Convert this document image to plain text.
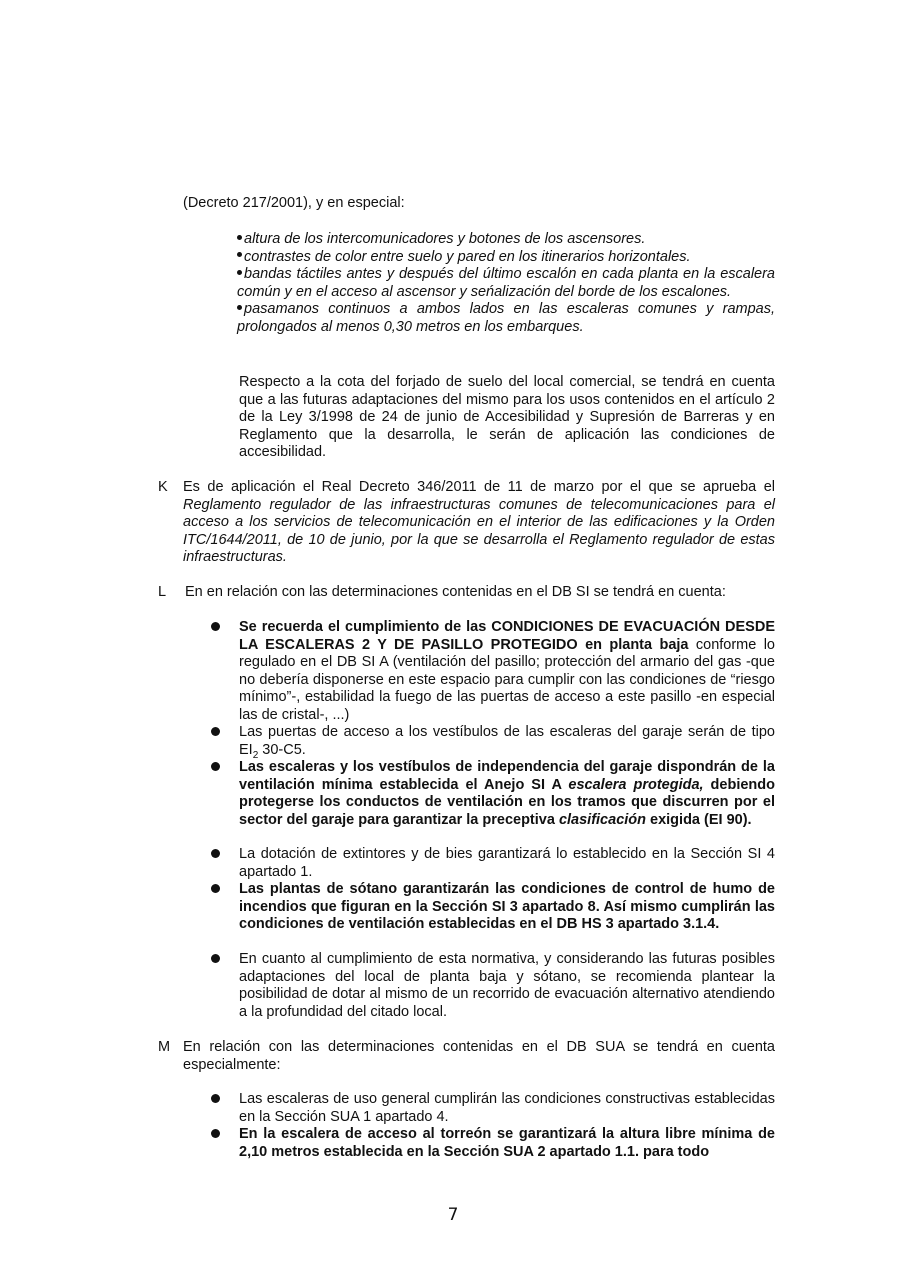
(Decreto 217/2001), y en especial:

altura de los intercomunicadores y botones de los ascensores.

contrastes de color entre suelo y pared en los itinerarios horizontales.

bandas táctiles antes y después del último escalón en cada planta en la escalera común y en el acceso al ascensor y seńalización del borde de los escalones.

pasamanos continuos a ambos lados en las escaleras comunes y rampas, prolongados al menos 0,30 metros en los embarques.

Respecto a la cota del forjado de suelo del local comercial, se tendrá en cuenta que a las futuras adaptaciones del mismo para los usos contenidos en el artículo 2 de la Ley 3/1998 de 24 de junio de Accesibilidad y Supresión de Barreras y en Reglamento que la desarrolla, le serán de aplicación las condiciones de accesibilidad.

K Es de aplicación el Real Decreto 346/2011 de 11 de marzo por el que se aprueba el Reglamento regulador de las infraestructuras comunes de telecomunicaciones para el acceso a los servicios de telecomunicación en el interior de las edificaciones y la Orden ITC/1644/2011, de 10 de junio, por la que se desarrolla el Reglamento regulador de estas infraestructuras.

L En en relación con las determinaciones contenidas en el DB SI se tendrá en cuenta:

Se recuerda el cumplimiento de las CONDICIONES DE EVACUACIÓN DESDE LA ESCALERAS 2 Y DE PASILLO PROTEGIDO en planta baja conforme lo regulado en el DB SI A (ventilación del pasillo; protección del armario del gas -que no debería disponerse en este espacio para cumplir con las condiciones de “riesgo mínimo”-, estabilidad la fuego de las puertas de acceso a este pasillo -en especial las de cristal-, ...)

Las puertas de acceso a los vestíbulos de las escaleras del garaje serán de tipo $EI_2$ 30-C5.

Las escaleras y los vestíbulos de independencia del garaje dispondrán de la ventilación mínima establecida el Anejo SI A escalera protegida, debiendo protegerse los conductos de ventilación en los tramos que discurren por el sector del garaje para garantizar la preceptiva clasificación exigida (EI 90).

La dotación de extintores y de bies garantizará lo establecido en la Sección SI 4 apartado 1.

Las plantas de sótano garantizarán las condiciones de control de humo de incendios que figuran en la Sección SI 3 apartado 8. Así mismo cumplirán las condiciones de ventilación establecidas en el DB HS 3 apartado 3.1.4.

En cuanto al cumplimiento de esta normativa, y considerando las futuras posibles adaptaciones del local de planta baja y sótano, se recomienda plantear la posibilidad de dotar al mismo de un recorrido de evacuación alternativo atendiendo a la profundidad del citado local.

M En relación con las determinaciones contenidas en el DB SUA se tendrá en cuenta especialmente:

Las escaleras de uso general cumplirán las condiciones constructivas establecidas en la Sección SUA 1 apartado 4.

En la escalera de acceso al torreón se garantizará la altura libre mínima de 2,10 metros establecida en la Sección SUA 2 apartado 1.1. para todo

7
